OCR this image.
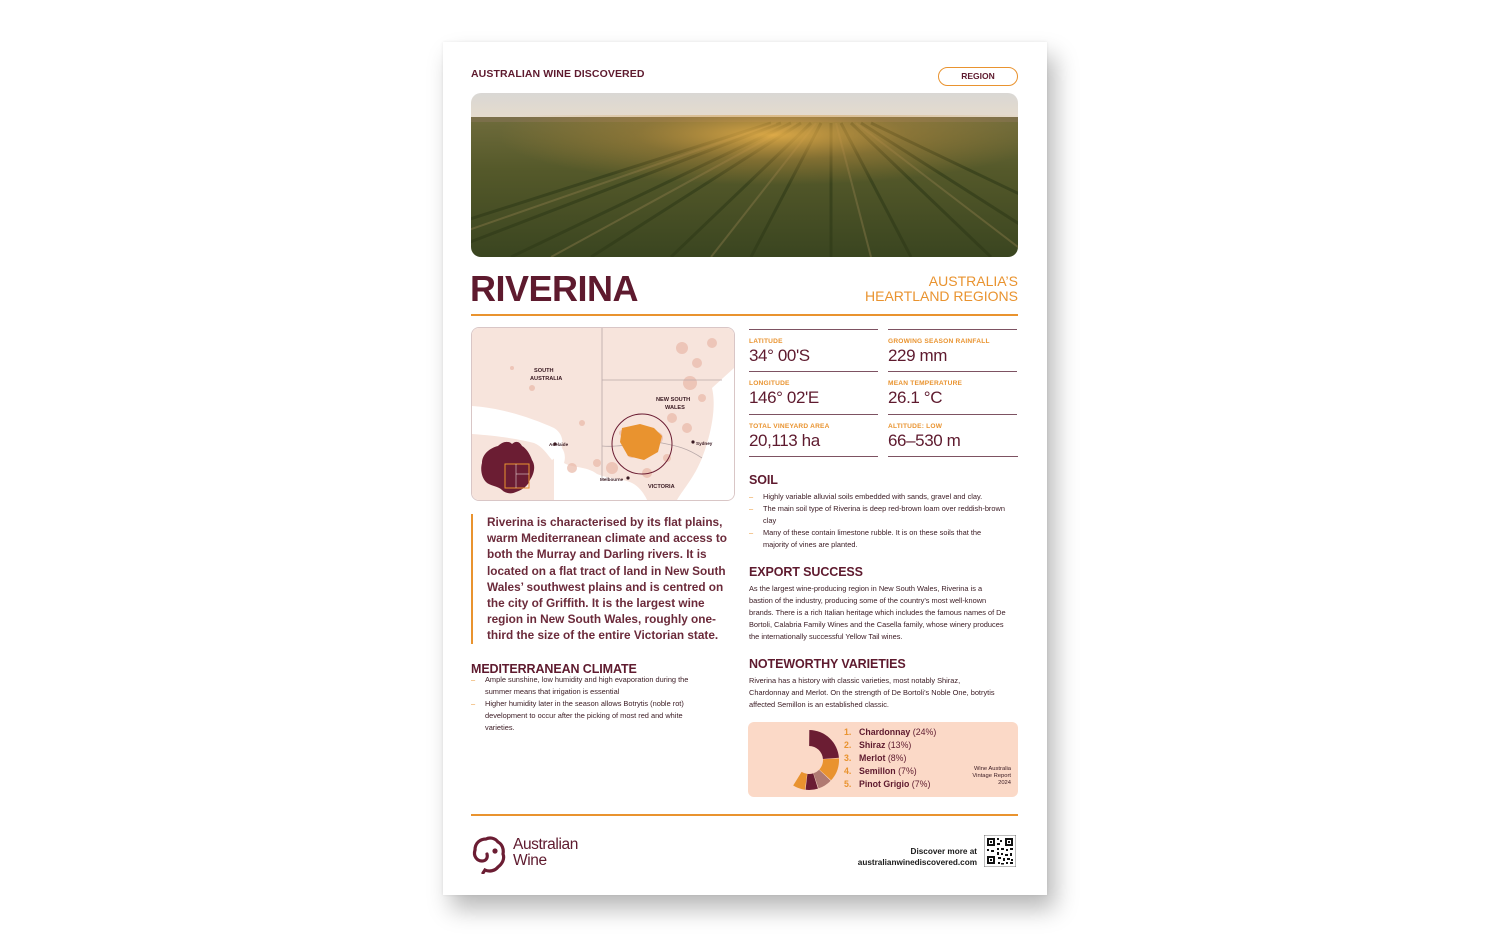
AUSTRALIAN WINE DISCOVERED	REGION
RIVERINA	AUSTRALIA’S
HEARTLAND REGIONS
SOUTH
AUSTRALIA
NEW SOUTH
WALES
VICTORIA
Adelaide	Sydney
Melbourne
LATITUDE
34° 00'S
GROWING SEASON RAINFALL
229 mm
LONGITUDE
146° 02'E
MEAN TEMPERATURE
26.1 °C
TOTAL VINEYARD AREA
20,113 ha
ALTITUDE: LOW
66–530 m
Riverina is characterised by its flat plains, warm Mediterranean climate and access to both the Murray and Darling rivers. It is located on a flat tract of land in New South Wales’ southwest plains and is centred on the city of Griffith. It is the largest wine region in New South Wales, roughly one-third the size of the entire Victorian state.
MEDITERRANEAN CLIMATE
– Ample sunshine, low humidity and high evaporation during the summer means that irrigation is essential
– Higher humidity later in the season allows Botrytis (noble rot) development to occur after the picking of most red and white varieties.
SOIL
– Highly variable alluvial soils embedded with sands, gravel and clay.
– The main soil type of Riverina is deep red-brown loam over reddish-brown clay
– Many of these contain limestone rubble. It is on these soils that the majority of vines are planted.
EXPORT SUCCESS
As the largest wine-producing region in New South Wales, Riverina is a bastion of the industry, producing some of the country’s most well-known brands. There is a rich Italian heritage which includes the famous names of De Bortoli, Calabria Family Wines and the Casella family, whose winery produces the internationally successful Yellow Tail wines.
NOTEWORTHY VARIETIES
Riverina has a history with classic varieties, most notably Shiraz, Chardonnay and Merlot. On the strength of De Bortoli’s Noble One, botrytis affected Semillon is an established classic.
1. Chardonnay (24%)
2. Shiraz (13%)
3. Merlot (8%)
4. Semillon (7%)
5. Pinot Grigio (7%)
Wine Australia
Vintage Report
2024
Australian
Wine
Discover more at
australianwinediscovered.com
